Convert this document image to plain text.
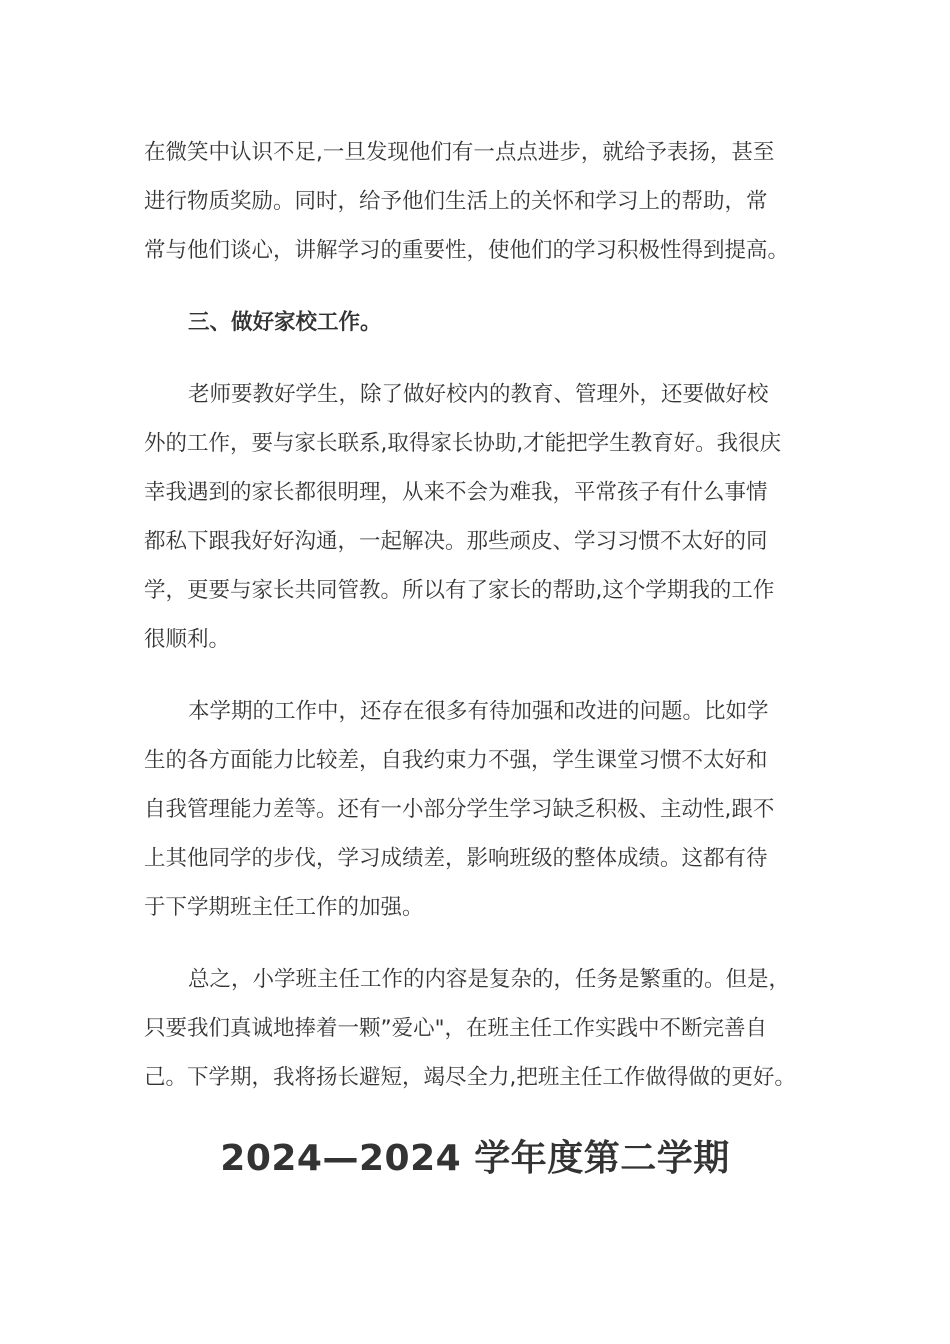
在微笑中认识不足,一旦发现他们有一点点进步，就给予表扬，甚至
进行物质奖励。同时，给予他们生活上的关怀和学习上的帮助，常
常与他们谈心，讲解学习的重要性，使他们的学习积极性得到提高。

三、做好家校工作。

老师要教好学生，除了做好校内的教育、管理外，还要做好校
外的工作，要与家长联系,取得家长协助,才能把学生教育好。我很庆
幸我遇到的家长都很明理，从来不会为难我，平常孩子有什么事情
都私下跟我好好沟通，一起解决。那些顽皮、学习习惯不太好的同
学，更要与家长共同管教。所以有了家长的帮助,这个学期我的工作
很顺利。

本学期的工作中，还存在很多有待加强和改进的问题。比如学
生的各方面能力比较差，自我约束力不强，学生课堂习惯不太好和
自我管理能力差等。还有一小部分学生学习缺乏积极、主动性,跟不
上其他同学的步伐，学习成绩差，影响班级的整体成绩。这都有待
于下学期班主任工作的加强。

总之，小学班主任工作的内容是复杂的，任务是繁重的。但是，
只要我们真诚地捧着一颗”爱心"，在班主任工作实践中不断完善自
己。下学期，我将扬长避短，竭尽全力,把班主任工作做得做的更好。

2024—2024 学年度第二学期
